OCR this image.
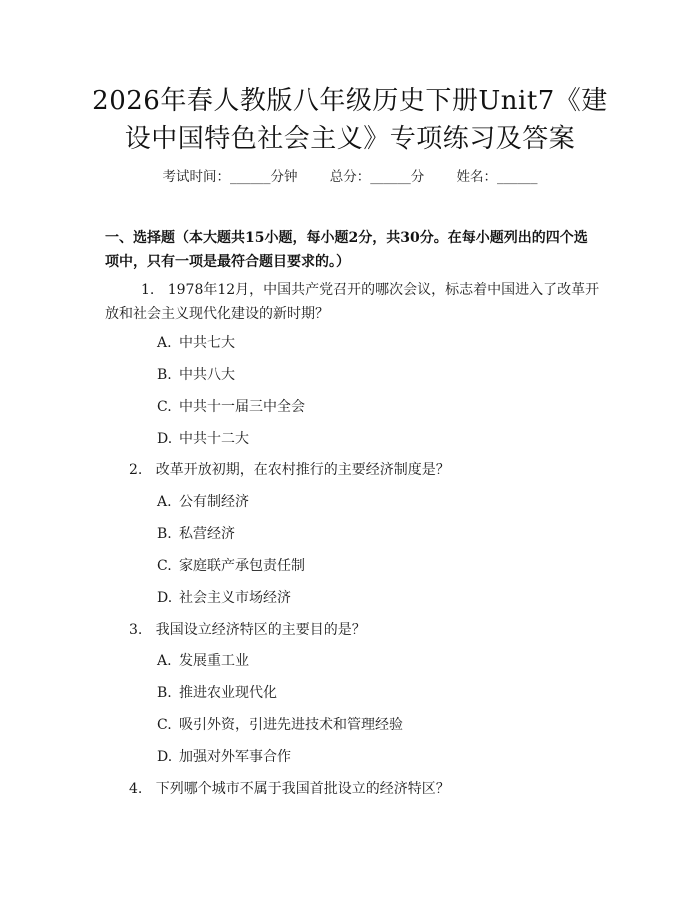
2026年春人教版八年级历史下册Unit7《建
设中国特色社会主义》专项练习及答案
考试时间：______分钟 总分：______分 姓名：______
一、选择题（本大题共15小题，每小题2分，共30分。在每小题列出的四个选项中，只有一项是最符合题目要求的。）
1. 1978年12月，中国共产党召开的哪次会议，标志着中国进入了改革开放和社会主义现代化建设的新时期？
A. 中共七大
B. 中共八大
C. 中共十一届三中全会
D. 中共十二大
2. 改革开放初期，在农村推行的主要经济制度是？
A. 公有制经济
B. 私营经济
C. 家庭联产承包责任制
D. 社会主义市场经济
3. 我国设立经济特区的主要目的是？
A. 发展重工业
B. 推进农业现代化
C. 吸引外资，引进先进技术和管理经验
D. 加强对外军事合作
4. 下列哪个城市不属于我国首批设立的经济特区？
